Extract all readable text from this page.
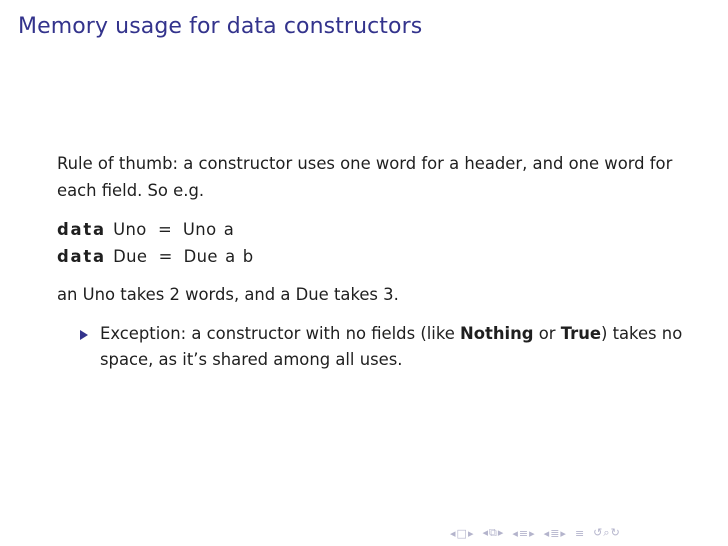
Memory usage for data constructors

Rule of thumb: a constructor uses one word for a header, and one word for each field. So e.g.

data Uno = Uno a
data Due = Due a b

an Uno takes 2 words, and a Due takes 3.

Exception: a constructor with no fields (like Nothing or True) takes no space, as it’s shared among all uses.
◂ □ ▸ ◂ ⧉ ▸ ◂ ≡ ▸ ◂ ≣ ▸ ≡ ↺ ⌕ ↻
